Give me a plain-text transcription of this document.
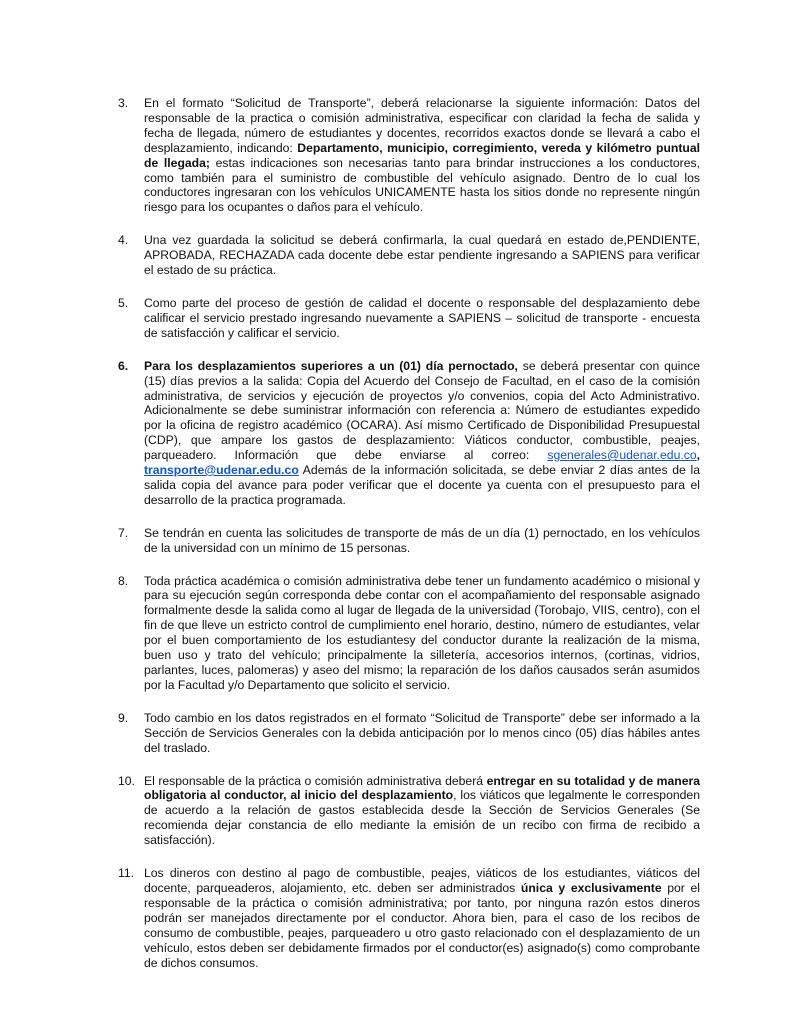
3.	En el formato “Solicitud de Transporte”, deberá relacionarse la siguiente información: Datos del responsable de la practica o comisión administrativa, especificar con claridad la fecha de salida y fecha de llegada, número de estudiantes y docentes, recorridos exactos donde se llevará a cabo el desplazamiento, indicando: Departamento, municipio, corregimiento, vereda y kilómetro puntual de llegada; estas indicaciones son necesarias tanto para brindar instrucciones a los conductores, como también para el suministro de combustible del vehículo asignado. Dentro de lo cual los conductores ingresaran con los vehículos UNICAMENTE hasta los sitios donde no represente ningún riesgo para los ocupantes o daños para el vehículo.

4.	Una vez guardada la solicitud se deberá confirmarla, la cual quedará en estado de,PENDIENTE, APROBADA, RECHAZADA cada docente debe estar pendiente ingresando a SAPIENS para verificar el estado de su práctica.

5.	Como parte del proceso de gestión de calidad el docente o responsable del desplazamiento debe calificar el servicio prestado ingresando nuevamente a SAPIENS – solicitud de transporte - encuesta de satisfacción y calificar el servicio.

6.	Para los desplazamientos superiores a un (01) día pernoctado, se deberá presentar con quince (15) días previos a la salida: Copia del Acuerdo del Consejo de Facultad, en el caso de la comisión administrativa, de servicios y ejecución de proyectos y/o convenios, copia del Acto Administrativo. Adicionalmente se debe suministrar información con referencia a: Número de estudiantes expedido por la oficina de registro académico (OCARA). Así mismo Certificado de Disponibilidad Presupuestal (CDP), que ampare los gastos de desplazamiento: Viáticos conductor, combustible, peajes, parqueadero. Información que debe enviarse al correo: sgenerales@udenar.edu.co, transporte@udenar.edu.co Además de la información solicitada, se debe enviar 2 días antes de la salida copia del avance para poder verificar que el docente ya cuenta con el presupuesto para el desarrollo de la practica programada.

7.	Se tendrán en cuenta las solicitudes de transporte de más de un día (1) pernoctado, en los vehículos de la universidad con un mínimo de 15 personas.

8.	Toda práctica académica o comisión administrativa debe tener un fundamento académico o misional y para su ejecución según corresponda debe contar con el acompañamiento del responsable asignado formalmente desde la salida como al lugar de llegada de la universidad (Torobajo, VIIS, centro), con el fin de que lleve un estricto control de cumplimiento enel horario, destino, número de estudiantes, velar por el buen comportamiento de los estudiantesy del conductor durante la realización de la misma, buen uso y trato del vehículo; principalmente la silletería, accesorios internos, (cortinas, vidrios, parlantes, luces, palomeras) y aseo del mismo; la reparación de los daños causados serán asumidos por la Facultad y/o Departamento que solicito el servicio.

9.	Todo cambio en los datos registrados en el formato “Solicitud de Transporte” debe ser informado a la Sección de Servicios Generales con la debida anticipación por lo menos cinco (05) días hábiles antes del traslado.

10. El responsable de la práctica o comisión administrativa deberá entregar en su totalidad y de manera obligatoria al conductor, al inicio del desplazamiento, los viáticos que legalmente le corresponden de acuerdo a la relación de gastos establecida desde la Sección de Servicios Generales (Se recomienda dejar constancia de ello mediante la emisión de un recibo con firma de recibido a satisfacción).

11. Los dineros con destino al pago de combustible, peajes, viáticos de los estudiantes, viáticos del docente, parqueaderos, alojamiento, etc. deben ser administrados única y exclusivamente por el responsable de la práctica o comisión administrativa; por tanto, por ninguna razón estos dineros podrán ser manejados directamente por el conductor. Ahora bien, para el caso de los recibos de consumo de combustible, peajes, parqueadero u otro gasto relacionado con el desplazamiento de un vehículo, estos deben ser debidamente firmados por el conductor(es) asignado(s) como comprobante de dichos consumos.
